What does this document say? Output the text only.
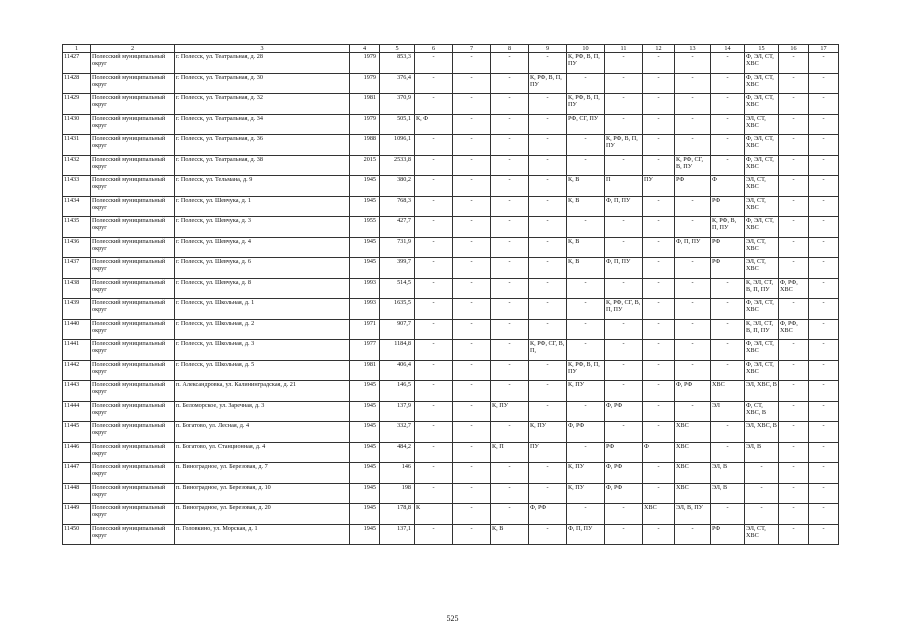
1	2	3	4	5	6	7	8	9	10	11	12	13	14	15	16	17
11427	Полесский муниципальный округ	г. Полесск, ул. Театральная, д. 28	1979	853,3	-	-	-	-	К, РФ, В, П, ПУ	-	-	-	-	Ф, ЭЛ, СТ, ХВС	-	-
11428	Полесский муниципальный округ	г. Полесск, ул. Театральная, д. 30	1979	376,4	-	-	-	К, РФ, В, П, ПУ	-	-	-	-	-	Ф, ЭЛ, СТ, ХВС	-	-
11429	Полесский муниципальный округ	г. Полесск, ул. Театральная, д. 32	1981	370,9	-	-	-	-	К, РФ, В, П, ПУ	-	-	-	-	Ф, ЭЛ, СТ, ХВС	-	-
11430	Полесский муниципальный округ	г. Полесск, ул. Театральная, д. 34	1979	505,1	К, Ф	-	-	-	РФ, СГ, ПУ	-	-	-	-	ЭЛ, СТ, ХВС	-	-
11431	Полесский муниципальный округ	г. Полесск, ул. Театральная, д. 36	1988	1096,1	-	-	-	-	-	К, РФ, В, П, ПУ	-	-	-	Ф, ЭЛ, СТ, ХВС	-	-
11432	Полесский муниципальный округ	г. Полесск, ул. Театральная, д. 38	2015	2533,8	-	-	-	-	-	-	-	К, РФ, СГ, В, ПУ	-	Ф, ЭЛ, СТ, ХВС	-	-
11433	Полесский муниципальный округ	г. Полесск, ул. Тельмана, д. 9	1945	380,2	-	-	-	-	К, В	П	ПУ	РФ	Ф	ЭЛ, СТ, ХВС	-	-
11434	Полесский муниципальный округ	г. Полесск, ул. Шевчука, д. 1	1945	768,3	-	-	-	-	К, В	Ф, П, ПУ	-	-	РФ	ЭЛ, СТ, ХВС	-	-
11435	Полесский муниципальный округ	г. Полесск, ул. Шевчука, д. 3	1955	427,7	-	-	-	-	-	-	-	-	К, РФ, В, П, ПУ	Ф, ЭЛ, СТ, ХВС	-	-
11436	Полесский муниципальный округ	г. Полесск, ул. Шевчука, д. 4	1945	731,9	-	-	-	-	К, В	-	-	Ф, П, ПУ	РФ	ЭЛ, СТ, ХВС	-	-
11437	Полесский муниципальный округ	г. Полесск, ул. Шевчука, д. 6	1945	399,7	-	-	-	-	К, В	Ф, П, ПУ	-	-	РФ	ЭЛ, СТ, ХВС	-	-
11438	Полесский муниципальный округ	г. Полесск, ул. Шевчука, д. 8	1993	514,5	-	-	-	-	-	-	-	-	-	К, ЭЛ, СТ, В, П, ПУ	Ф, РФ, ХВС	-
11439	Полесский муниципальный округ	г. Полесск, ул. Школьная, д. 1	1993	1635,5	-	-	-	-	-	К, РФ, СГ, В, П, ПУ	-	-	-	Ф, ЭЛ, СТ, ХВС	-	-
11440	Полесский муниципальный округ	г. Полесск, ул. Школьная, д. 2	1971	907,7	-	-	-	-	-	-	-	-	-	К, ЭЛ, СТ, В, П, ПУ	Ф, РФ, ХВС	-
11441	Полесский муниципальный округ	г. Полесск, ул. Школьная, д. 3	1977	1184,8	-	-	-	К, РФ, СГ, В, П,	-	-	-	-	-	Ф, ЭЛ, СТ, ХВС	-	-
11442	Полесский муниципальный округ	г. Полесск, ул. Школьная, д. 5	1981	406,4	-	-	-	-	К, РФ, В, П, ПУ	-	-	-	-	Ф, ЭЛ, СТ, ХВС	-	-
11443	Полесский муниципальный округ	п. Александровка, ул. Калининградская, д. 21	1945	146,5	-	-	-	-	К, ПУ	-	-	Ф, РФ	ХВС	ЭЛ, ХВС, В	-	-
11444	Полесский муниципальный округ	п. Беломорское, ул. Заречная, д. 3	1945	137,9	-	-	К, ПУ	-	-	Ф, РФ	-	-	ЭЛ	Ф, СТ, ХВС, В	-	-
11445	Полесский муниципальный округ	п. Богатово, ул. Лесная, д. 4	1945	332,7	-	-	-	К, ПУ	Ф, РФ	-	-	ХВС	-	ЭЛ, ХВС, В	-	-
11446	Полесский муниципальный округ	п. Богатово, ул. Станционная, д. 4	1945	484,2	-	-	К, П	ПУ	-	РФ	Ф	ХВС	-	ЭЛ, В	-	-
11447	Полесский муниципальный округ	п. Виноградное, ул. Березовая, д. 7	1945	146	-	-	-	-	К, ПУ	Ф, РФ	-	ХВС	ЭЛ, В	-	-	-
11448	Полесский муниципальный округ	п. Виноградное, ул. Березовая, д. 10	1945	198	-	-	-	-	К, ПУ	Ф, РФ	-	ХВС	ЭЛ, В	-	-	-
11449	Полесский муниципальный округ	п. Виноградное, ул. Березовая, д. 20	1945	178,8	К	-	-	Ф, РФ	-	-	ХВС	ЭЛ, В, ПУ	-	-	-	-
11450	Полесский муниципальный округ	п. Головкино, ул. Морская, д. 1	1945	137,1	-	-	К, В	-	Ф, П, ПУ	-	-	-	РФ	ЭЛ, СТ, ХВС	-	-
525
